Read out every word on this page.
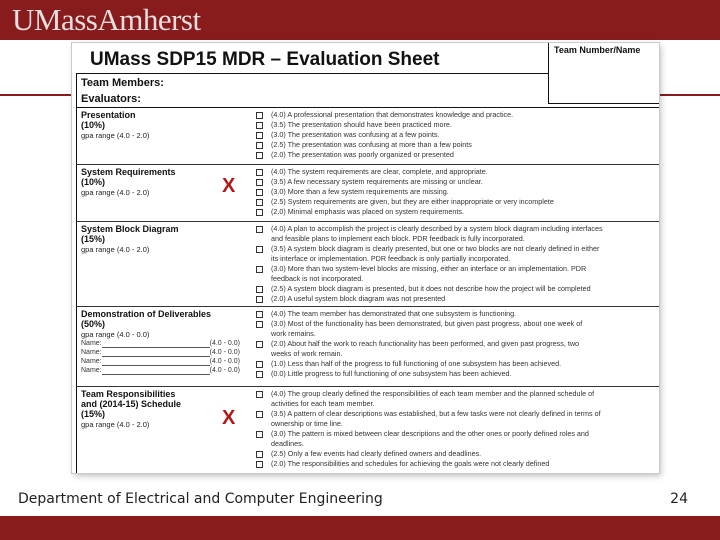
UMassAmherst
UMass SDP15 MDR – Evaluation Sheet	Team Number/Name
Team Members:
Evaluators:
Presentation
(10%)
gpa range (4.0 - 2.0)
(4.0) A professional presentation that demonstrates knowledge and practice.
(3.5) The presentation should have been practiced more.
(3.0) The presentation was confusing at a few points.
(2.5) The presentation was confusing at more than a few points
(2.0) The presentation was poorly organized or presented
System Requirements
(10%)
gpa range (4.0 - 2.0)	X
(4.0) The system requirements are clear, complete, and appropriate.
(3.5) A few necessary system requirements are missing or unclear.
(3.0) More than a few system requirements are missing.
(2.5) System requirements are given, but they are either inappropriate or very incomplete
(2.0) Minimal emphasis was placed on system requirements.
System Block Diagram
(15%)
gpa range (4.0 - 2.0)
(4.0) A plan to accomplish the project is clearly described by a system block diagram including interfaces
and feasible plans to implement each block. PDR feedback is fully incorporated.
(3.5) A system block diagram is clearly presented, but one or two blocks are not clearly defined in either
its interface or implementation. PDR feedback is only partially incorporated.
(3.0) More than two system-level blocks are missing, either an interface or an implementation. PDR
feedback is not incorporated.
(2.5) A system block diagram is presented, but it does not describe how the project will be completed
(2.0) A useful system block diagram was not presented
Demonstration of Deliverables
(50%)
gpa range (4.0 - 0.0)
Name:	(4.0 - 0.0)
Name:	(4.0 - 0.0)
Name:	(4.0 - 0.0)
Name:	(4.0 - 0.0)
(4.0) The team member has demonstrated that one subsystem is functioning.
(3.0) Most of the functionality has been demonstrated, but given past progress, about one week of
work remains.
(2.0) About half the work to reach functionality has been performed, and given past progress, two
weeks of work remain.
(1.0) Less than half of the progress to full functioning of one subsystem has been achieved.
(0.0) Little progress to full functioning of one subsystem has been achieved.
Team Responsibilities
and (2014-15) Schedule
(15%)
gpa range (4.0 - 2.0)	X
(4.0) The group clearly defined the responsibilities of each team member and the planned schedule of
activities for each team member.
(3.5) A pattern of clear descriptions was established, but a few tasks were not clearly defined in terms of
ownership or time line.
(3.0) The pattern is mixed between clear descriptions and the other ones or poorly defined roles and
deadlines.
(2.5) Only a few events had clearly defined owners and deadlines.
(2.0) The responsibilities and schedules for achieving the goals were not clearly defined
Department of Electrical and Computer Engineering	24
